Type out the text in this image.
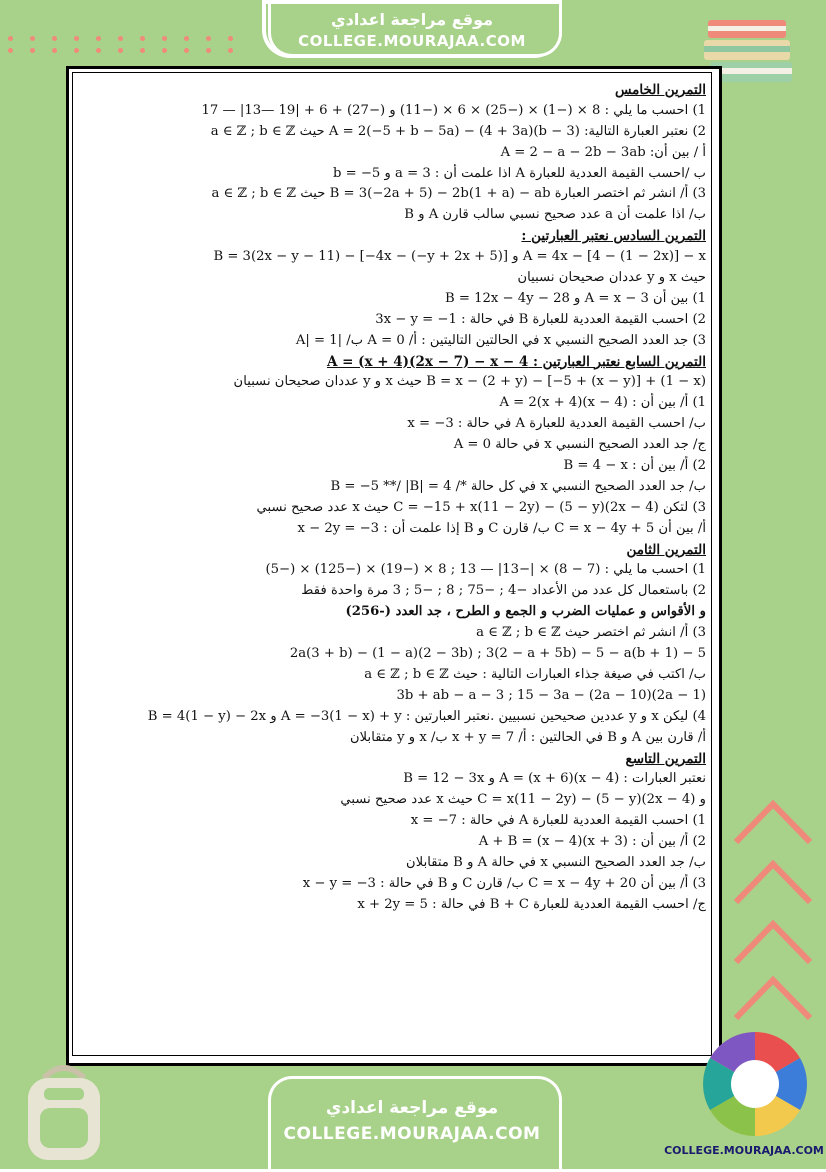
موقع مراجعة اعدادي
COLLEGE.MOURAJAA.COM
التمرين الخامس
1) احسب ما يلي : 8 × (−1) × (−25) × 6 × (−11) و (−27) + 6 + |19 —13| — 17
2) نعتبر العبارة التالية: A = 2(−5 + b − 5a) − (4 + 3a)(b − 3) حيث a ∈ ℤ ; b ∈ ℤ
أ / بين أن: A = 2 − a − 2b − 3ab
ب /احسب القيمة العددية للعبارة A اذا علمت أن : a = 3 و b = −5
3) أ/ انشر ثم اختصر العبارة B = 3(−2a + 5) − 2b(1 + a) − ab حيث a ∈ ℤ ; b ∈ ℤ
ب/ اذا علمت أن a عدد صحيح نسبي سالب قارن A و B
التمرين السادس نعتبر العبارتين :
A = 4x − [4 − (1 − 2x)] − x و B = 3(2x − y − 11) − [−4x − (−y + 2x + 5)]
حيث x و y عددان صحيحان نسبيان
1) بين أن A = x − 3 و B = 12x − 4y − 28
2) احسب القيمة العددية للعبارة B في حالة : 3x − y = −1
3) جد العدد الصحيح النسبي x في الحالتين التاليتين : أ/ A = 0 ب/ |A| = 1
التمرين السابع نعتبر العبارتين : A = (x + 4)(2x − 7) − x − 4
B = x − (2 + y) − [−5 + (x − y)] + (1 − x) حيث x و y عددان صحيحان نسبيان
1) أ/ بين أن : A = 2(x + 4)(x − 4)
ب/ احسب القيمة العددية للعبارة A في حالة : x = −3
ج/ جد العدد الصحيح النسبي x في حالة A = 0
2) أ/ بين أن : B = 4 − x
ب/ جد العدد الصحيح النسبي x في كل حالة */ B = −5 **/ |B| = 4
3) لتكن C = −15 + x(11 − 2y) − (5 − y)(2x − 4) حيث x عدد صحيح نسبي
أ/ بين أن C = x − 4y + 5 ب/ قارن C و B إذا علمت أن : x − 2y = −3
التمرين الثامن
1) احسب ما يلي : (7 − 8) × |−13| — 13 ; 8 × (−19) × (−125) × (−5)
2) باستعمال كل عدد من الأعداد −4 ; −75 ; 8 ; −5 ; 3 مرة واحدة فقط
و الأقواس و عمليات الضرب و الجمع و الطرح ، جد العدد (-256)
3) أ/ انشر ثم اختصر حيث a ∈ ℤ ; b ∈ ℤ
5 − 2a(3 + b) − (1 − a)(2 − 3b) ; 3(2 − a + 5b) − 5 − a(b + 1)
ب/ اكتب في صيغة جذاء العبارات التالية : حيث a ∈ ℤ ; b ∈ ℤ
3b + ab − a − 3 ; 15 − 3a − (2a − 10)(2a − 1)
4) ليكن x و y عددين صحيحين نسبيين .نعتبر العبارتين : A = −3(1 − x) + y و B = 4(1 − y) − 2x
أ/ قارن بين A و B في الحالتين : أ/ x + y = 7 ب/ x و y متقابلان
التمرين التاسع
نعتبر العبارات : A = (x + 6)(x − 4) و B = 12 − 3x
و C = x(11 − 2y) − (5 − y)(2x − 4) حيث x عدد صحيح نسبي
1) احسب القيمة العددية للعبارة A في حالة : x = −7
2) أ/ بين أن : A + B = (x − 4)(x + 3)
ب/ جد العدد الصحيح النسبي x في حالة A و B متقابلان
3) أ/ بين أن C = x − 4y + 20 ب/ قارن C و B في حالة : x − y = −3
ج/ احسب القيمة العددية للعبارة B + C في حالة : x + 2y = 5
موقع مراجعة اعدادي
COLLEGE.MOURAJAA.COM
COLLEGE.MOURAJAA.COM
